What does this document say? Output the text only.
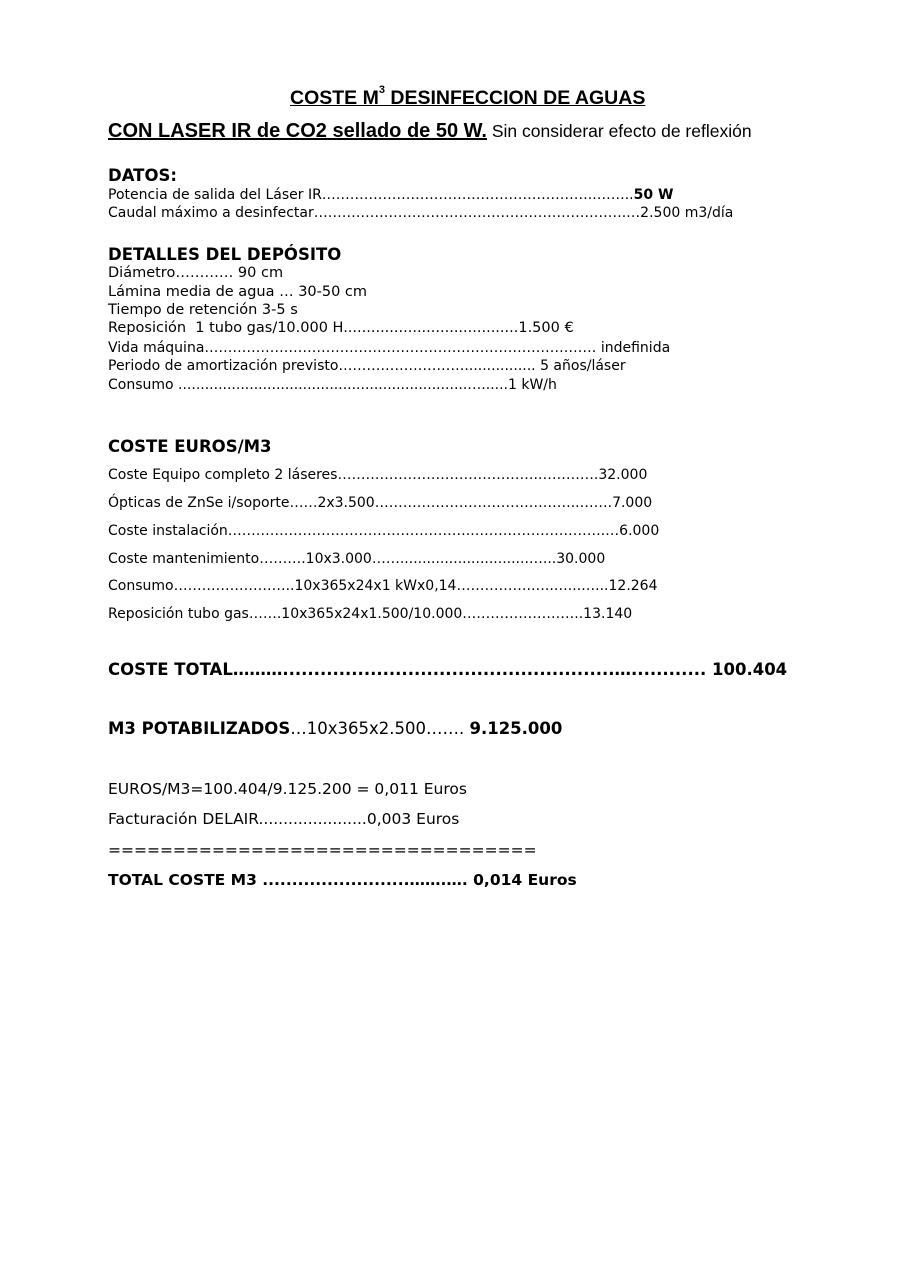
COSTE $M^3$ DESINFECCION DE AGUAS
CON LASER IR de CO2 sellado de 50 W. Sin considerar efecto de reflexión
DATOS:
Potencia de salida del Láser IR…………………………………………………..……..50 W
Caudal máximo a desinfectar………………………………………………………….…2.500 m3/día
DETALLES DEL DEPÓSITO
Diámetro………… 90 cm
Lámina media de agua … 30-50 cm
Tiempo de retención 3-5 s
Reposición  1 tubo gas/10.000 H......................................1.500 €
Vida máquina………………………………………………………………………… indefinida
Periodo de amortización previsto………………………................ 5 años/láser
Consumo .................................................................…......1 kW/h
COSTE EUROS/M3
Coste Equipo completo 2 láseres…………………………………….………….32.000
Ópticas de ZnSe i/soporte……2x3.500……………………………………..…….7.000
Coste instalación……………………………………………..……………………….…6.000
Coste mantenimiento……….10x3.000…….............................…...30.000
Consumo……………………..10x365x24x1 kWx0,14…………….…..…...…...12.264
Reposición tubo gas…….10x365x24x1.500/10.000……………………..13.140
COSTE TOTAL……….....................................................…............ 100.404
M3 POTABILIZADOS…10x365x2.500……. 9.125.000
EUROS/M3=100.404/9.125.200 = 0,011 Euros
Facturación DELAIR......................0,003 Euros
=================================
TOTAL COSTE M3 .........................…….…. 0,014 Euros
